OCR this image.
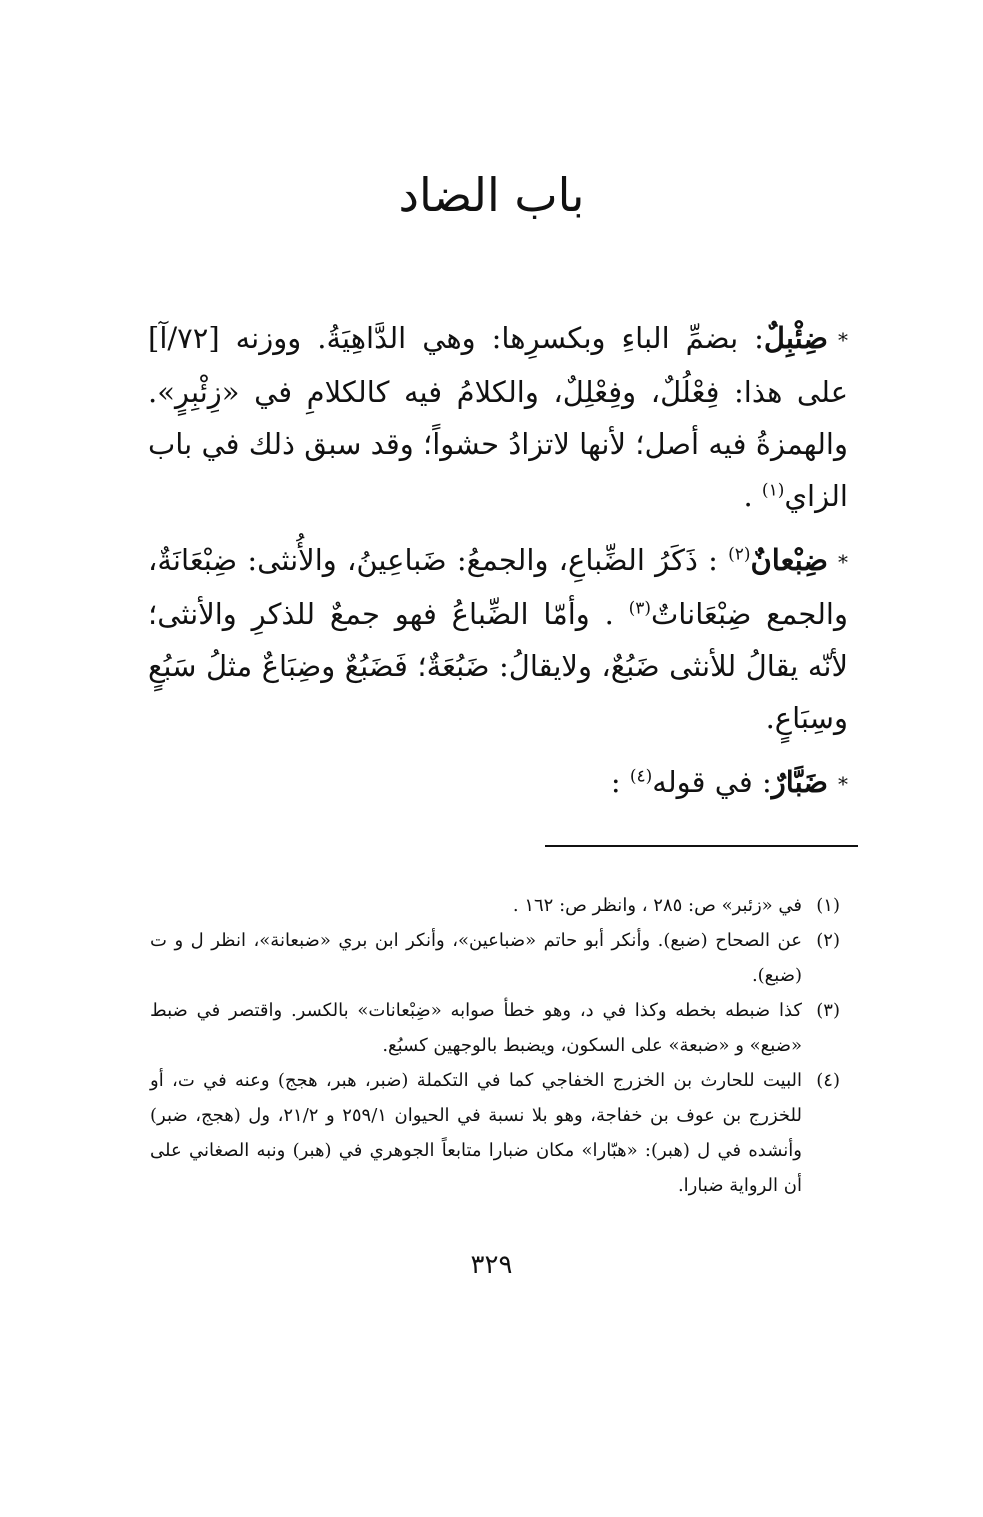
باب الضاد

*ضِئْبِلٌ: بضمِّ الباءِ وبكسرِها: وهي الدَّاهِيَةُ. ووزنه [٧٢/آ] على هذا: فِعْلُلٌ، وفِعْلِلٌ، والكلامُ فيه كالكلامِ في «زِئْبِرٍ». والهمزةُ فيه أصل؛ لأنها لاتزادُ حشواً؛ وقد سبق ذلك في باب الزاي$^{(١)}$ .

*ضِبْعانٌ$^{(٢)}$ : ذَكَرُ الضِّباعِ، والجمعُ: ضَباعِينُ، والأُنثى: ضِبْعَانَةٌ، والجمع ضِبْعَاناتٌ$^{(٣)}$ . وأمّا الضِّباعُ فهو جمعٌ للذكرِ والأنثى؛ لأنّه يقالُ للأنثى ضَبُعٌ، ولايقالُ: ضَبُعَةٌ؛ فَضَبُعٌ وضِبَاعٌ مثلُ سَبُعٍ وسِبَاعٍ.

*ضَبَّارٌ: في قوله$^{(٤)}$ :

(١)
في «زئبر» ص: ٢٨٥ ، وانظر ص: ١٦٢ .
(٢)
عن الصحاح (ضبع). وأنكر أبو حاتم «ضباعين»، وأنكر ابن بري «ضبعانة»، انظر ل و ت (ضبع).
(٣)
كذا ضبطه بخطه وكذا في د، وهو خطأ صوابه «ضِبْعانات» بالكسر. واقتصر في ضبط «ضبع» و «ضبعة» على السكون، ويضبط بالوجهين كسبُع.
(٤)
البيت للحارث بن الخزرج الخفاجي كما في التكملة (ضبر، هبر، هجج) وعنه في ت، أو للخزرج بن عوف بن خفاجة، وهو بلا نسبة في الحيوان ٢٥٩/١ و ٢١/٢، ول (هجج، ضبر) وأنشده في ل (هبر): «هبّارا» مكان ضبارا متابعاً الجوهري في (هبر) ونبه الصغاني على أن الرواية ضبارا.
٣٢٩
